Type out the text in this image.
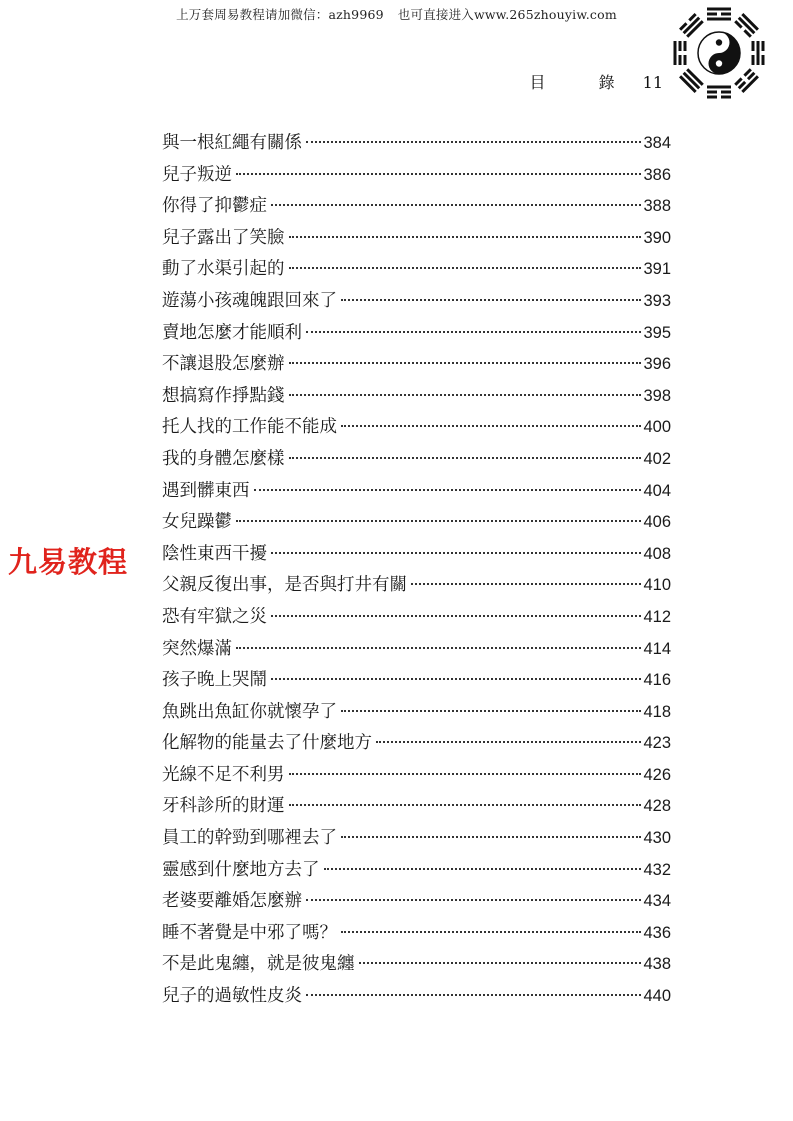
上万套周易教程请加微信：azh9969 也可直接进入www.265zhouyiw.com
目 錄 11
九易教程
與一根紅繩有關係	384
兒子叛逆	386
你得了抑鬱症	388
兒子露出了笑臉	390
動了水渠引起的	391
遊蕩小孩魂魄跟回來了	393
賣地怎麼才能順利	395
不讓退股怎麼辦	396
想搞寫作掙點錢	398
托人找的工作能不能成	400
我的身體怎麼樣	402
遇到髒東西	404
女兒躁鬱	406
陰性東西干擾	408
父親反復出事，是否與打井有關	410
恐有牢獄之災	412
突然爆滿	414
孩子晚上哭鬧	416
魚跳出魚缸你就懷孕了	418
化解物的能量去了什麼地方	423
光線不足不利男	426
牙科診所的財運	428
員工的幹勁到哪裡去了	430
靈感到什麼地方去了	432
老婆要離婚怎麼辦	434
睡不著覺是中邪了嗎？	436
不是此鬼纏，就是彼鬼纏	438
兒子的過敏性皮炎	440
